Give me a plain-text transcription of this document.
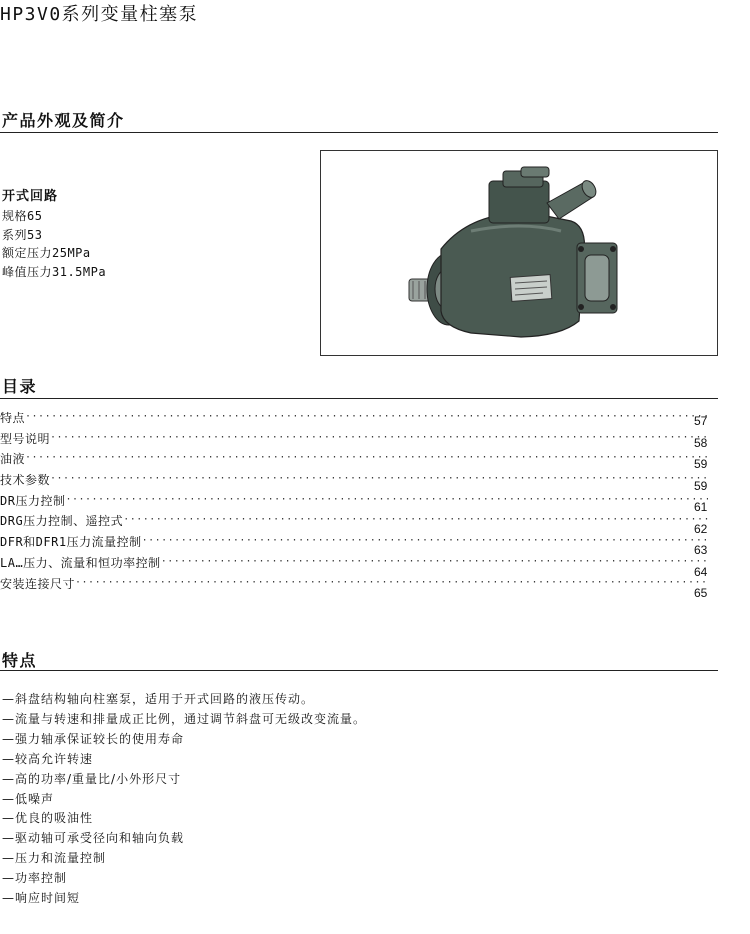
HP3V0系列变量柱塞泵
产品外观及简介
开式回路
规格65
系列53
额定压力25MPa
峰值压力31.5MPa
目录
特点
·····
型号说明
·····
油液
·····
技术参数
·····
DR压力控制
·····
DRG压力控制、遥控式
·····
DFR和DFR1压力流量控制
·····
LA…压力、流量和恒功率控制
·····
安装连接尺寸
·····
57
58
59
59
61
62
63
64
65
特点
—斜盘结构轴向柱塞泵，适用于开式回路的液压传动。
—流量与转速和排量成正比例，通过调节斜盘可无级改变流量。
—强力轴承保证较长的使用寿命
—较高允许转速
—高的功率/重量比/小外形尺寸
—低噪声
—优良的吸油性
—驱动轴可承受径向和轴向负载
—压力和流量控制
—功率控制
—响应时间短
